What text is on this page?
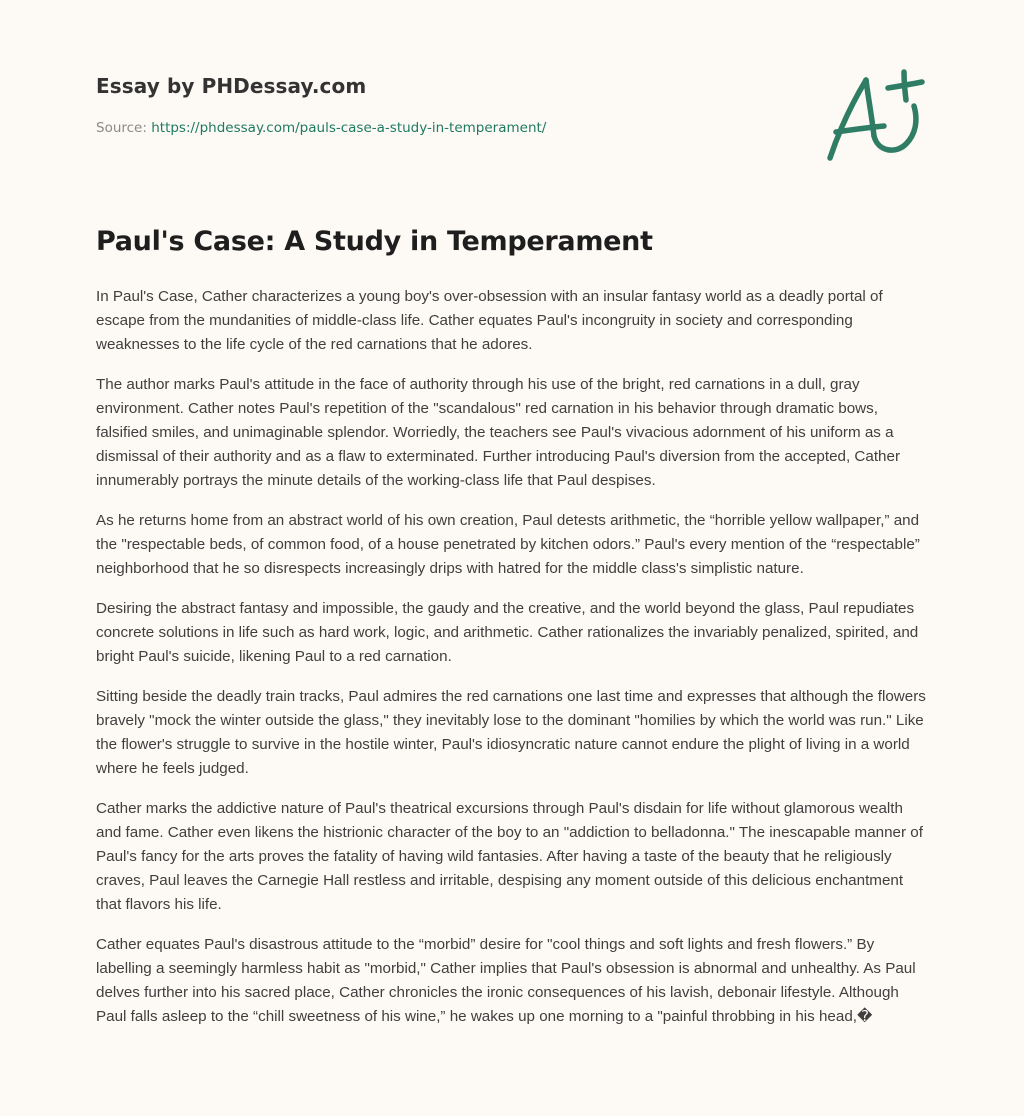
Essay by PHDessay.com
Source: https://phdessay.com/pauls-case-a-study-in-temperament/
Paul's Case: A Study in Temperament

In Paul's Case, Cather characterizes a young boy's over-obsession with an insular fantasy world as a deadly portal of escape from the mundanities of middle-class life. Cather equates Paul's incongruity in society and corresponding weaknesses to the life cycle of the red carnations that he adores.

The author marks Paul's attitude in the face of authority through his use of the bright, red carnations in a dull, gray environment. Cather notes Paul's repetition of the "scandalous" red carnation in his behavior through dramatic bows, falsified smiles, and unimaginable splendor. Worriedly, the teachers see Paul's vivacious adornment of his uniform as a dismissal of their authority and as a flaw to exterminated. Further introducing Paul's diversion from the accepted, Cather innumerably portrays the minute details of the working-class life that Paul despises.

As he returns home from an abstract world of his own creation, Paul detests arithmetic, the “horrible yellow wallpaper,” and the "respectable beds, of common food, of a house penetrated by kitchen odors.” Paul's every mention of the “respectable” neighborhood that he so disrespects increasingly drips with hatred for the middle class's simplistic nature.

Desiring the abstract fantasy and impossible, the gaudy and the creative, and the world beyond the glass, Paul repudiates concrete solutions in life such as hard work, logic, and arithmetic. Cather rationalizes the invariably penalized, spirited, and bright Paul's suicide, likening Paul to a red carnation.

Sitting beside the deadly train tracks, Paul admires the red carnations one last time and expresses that although the flowers bravely "mock the winter outside the glass," they inevitably lose to the dominant "homilies by which the world was run." Like the flower's struggle to survive in the hostile winter, Paul's idiosyncratic nature cannot endure the plight of living in a world where he feels judged.

Cather marks the addictive nature of Paul's theatrical excursions through Paul's disdain for life without glamorous wealth and fame. Cather even likens the histrionic character of the boy to an "addiction to belladonna." The inescapable manner of Paul's fancy for the arts proves the fatality of having wild fantasies. After having a taste of the beauty that he religiously craves, Paul leaves the Carnegie Hall restless and irritable, despising any moment outside of this delicious enchantment that flavors his life.

Cather equates Paul's disastrous attitude to the “morbid” desire for "cool things and soft lights and fresh flowers.” By labelling a seemingly harmless habit as "morbid," Cather implies that Paul's obsession is abnormal and unhealthy. As Paul delves further into his sacred place, Cather chronicles the ironic consequences of his lavish, debonair lifestyle. Although Paul falls asleep to the “chill sweetness of his wine,” he wakes up one morning to a "painful throbbing in his head,�
